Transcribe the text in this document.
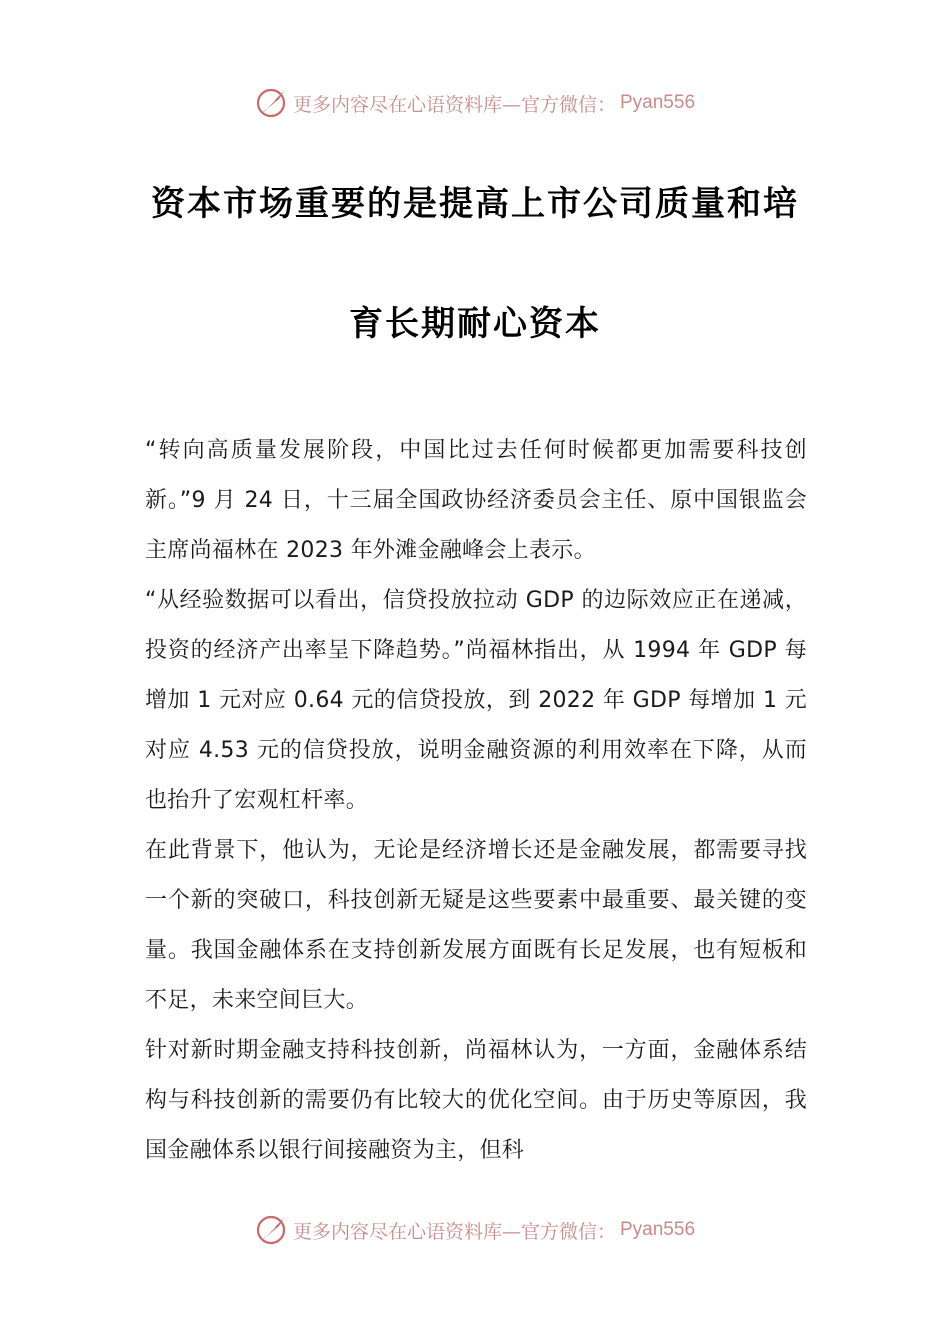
更多内容尽在心语资料库—官方微信： Pyan556
资本市场重要的是提高上市公司质量和培
育长期耐心资本

“转向高质量发展阶段，中国比过去任何时候都更加需要科技创新。”9 月 24 日，十三届全国政协经济委员会主任、原中国银监会主席尚福林在 2023 年外滩金融峰会上表示。

“从经验数据可以看出，信贷投放拉动 GDP 的边际效应正在递减，投资的经济产出率呈下降趋势。”尚福林指出，从 1994 年 GDP 每增加 1 元对应 0.64 元的信贷投放，到 2022 年 GDP 每增加 1 元对应 4.53 元的信贷投放，说明金融资源的利用效率在下降，从而也抬升了宏观杠杆率。

在此背景下，他认为，无论是经济增长还是金融发展，都需要寻找一个新的突破口，科技创新无疑是这些要素中最重要、最关键的变量。我国金融体系在支持创新发展方面既有长足发展，也有短板和不足，未来空间巨大。

针对新时期金融支持科技创新，尚福林认为，一方面，金融体系结构与科技创新的需要仍有比较大的优化空间。由于历史等原因，我国金融体系以银行间接融资为主，但科

更多内容尽在心语资料库—官方微信： Pyan556
